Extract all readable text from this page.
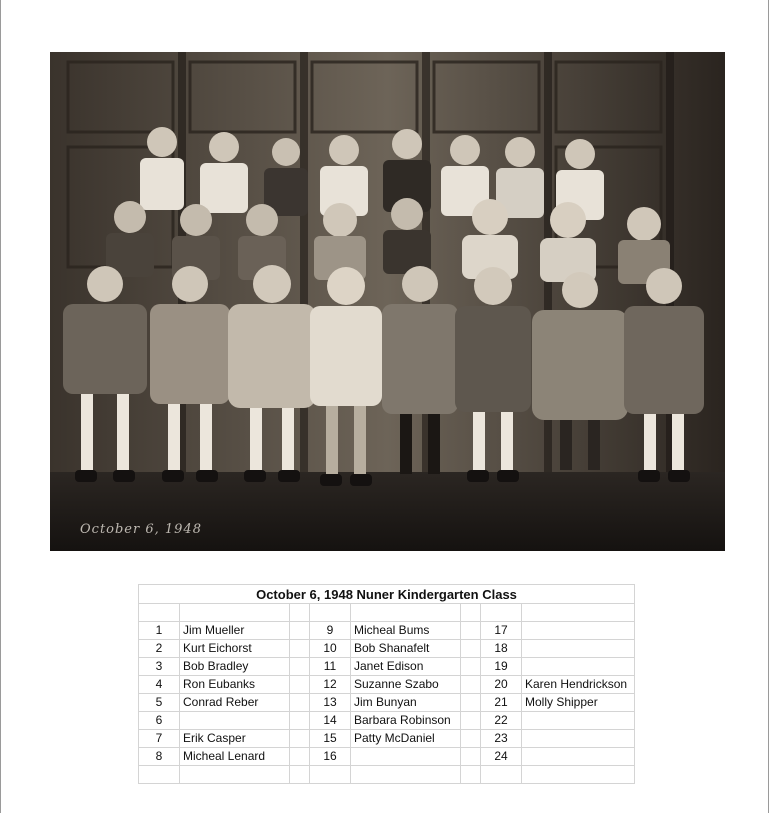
October 6, 1948
October 6, 1948 Nuner Kindergarten Class							

1	Jim Mueller		9	Micheal Bums		17	
2	Kurt Eichorst		10	Bob Shanafelt		18	
3	Bob Bradley		11	Janet Edison		19	
4	Ron Eubanks		12	Suzanne Szabo		20	Karen Hendrickson
5	Conrad Reber		13	Jim Bunyan		21	Molly Shipper
6			14	Barbara Robinson		22	
7	Erik Casper		15	Patty McDaniel		23	
8	Micheal Lenard		16			24	
